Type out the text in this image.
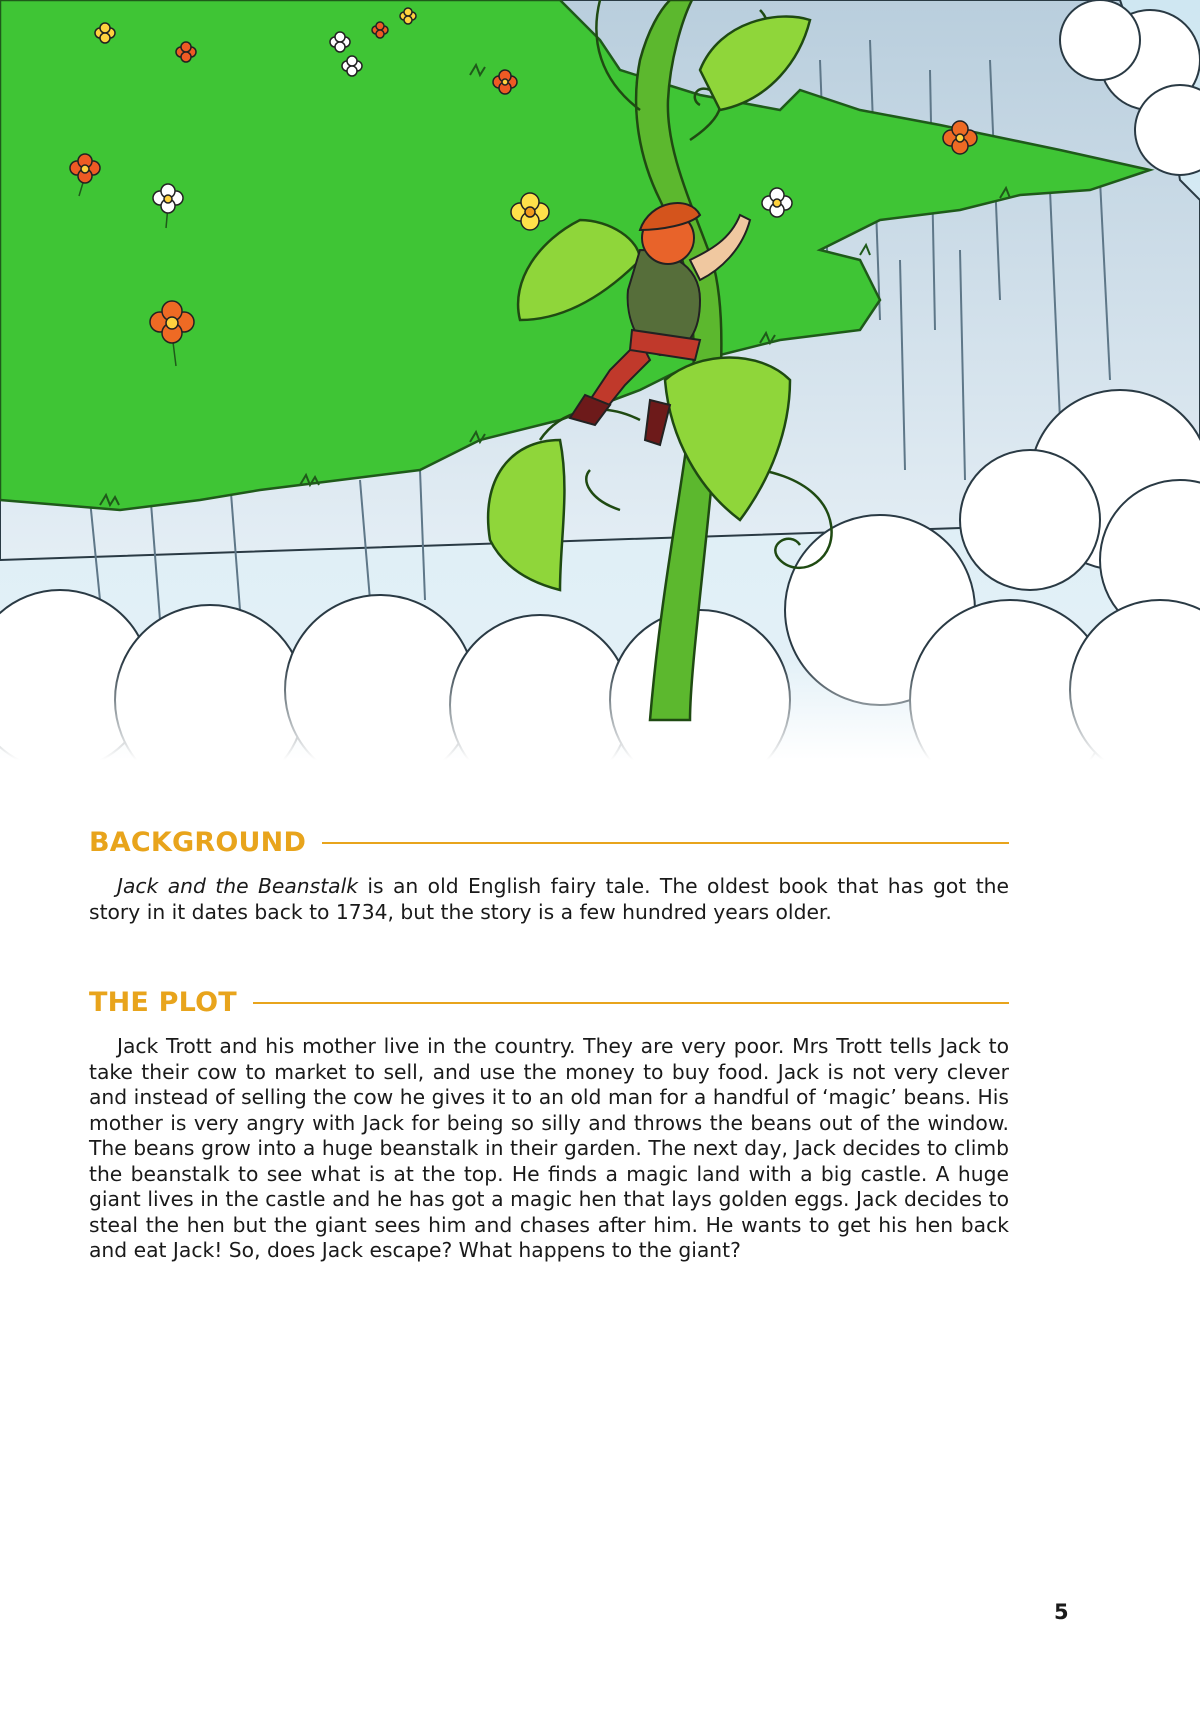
BACKGROUND

Jack and the Beanstalk is an old English fairy tale. The oldest book that has got the story in it dates back to 1734, but the story is a few hundred years older.

THE PLOT

Jack Trott and his mother live in the country. They are very poor. Mrs Trott tells Jack to take their cow to market to sell, and use the money to buy food. Jack is not very clever and instead of selling the cow he gives it to an old man for a handful of ‘magic’ beans. His mother is very angry with Jack for being so silly and throws the beans out of the window. The beans grow into a huge beanstalk in their garden. The next day, Jack decides to climb the beanstalk to see what is at the top. He finds a magic land with a big castle. A huge giant lives in the castle and he has got a magic hen that lays golden eggs. Jack decides to steal the hen but the giant sees him and chases after him. He wants to get his hen back and eat Jack! So, does Jack escape? What happens to the giant?

5
